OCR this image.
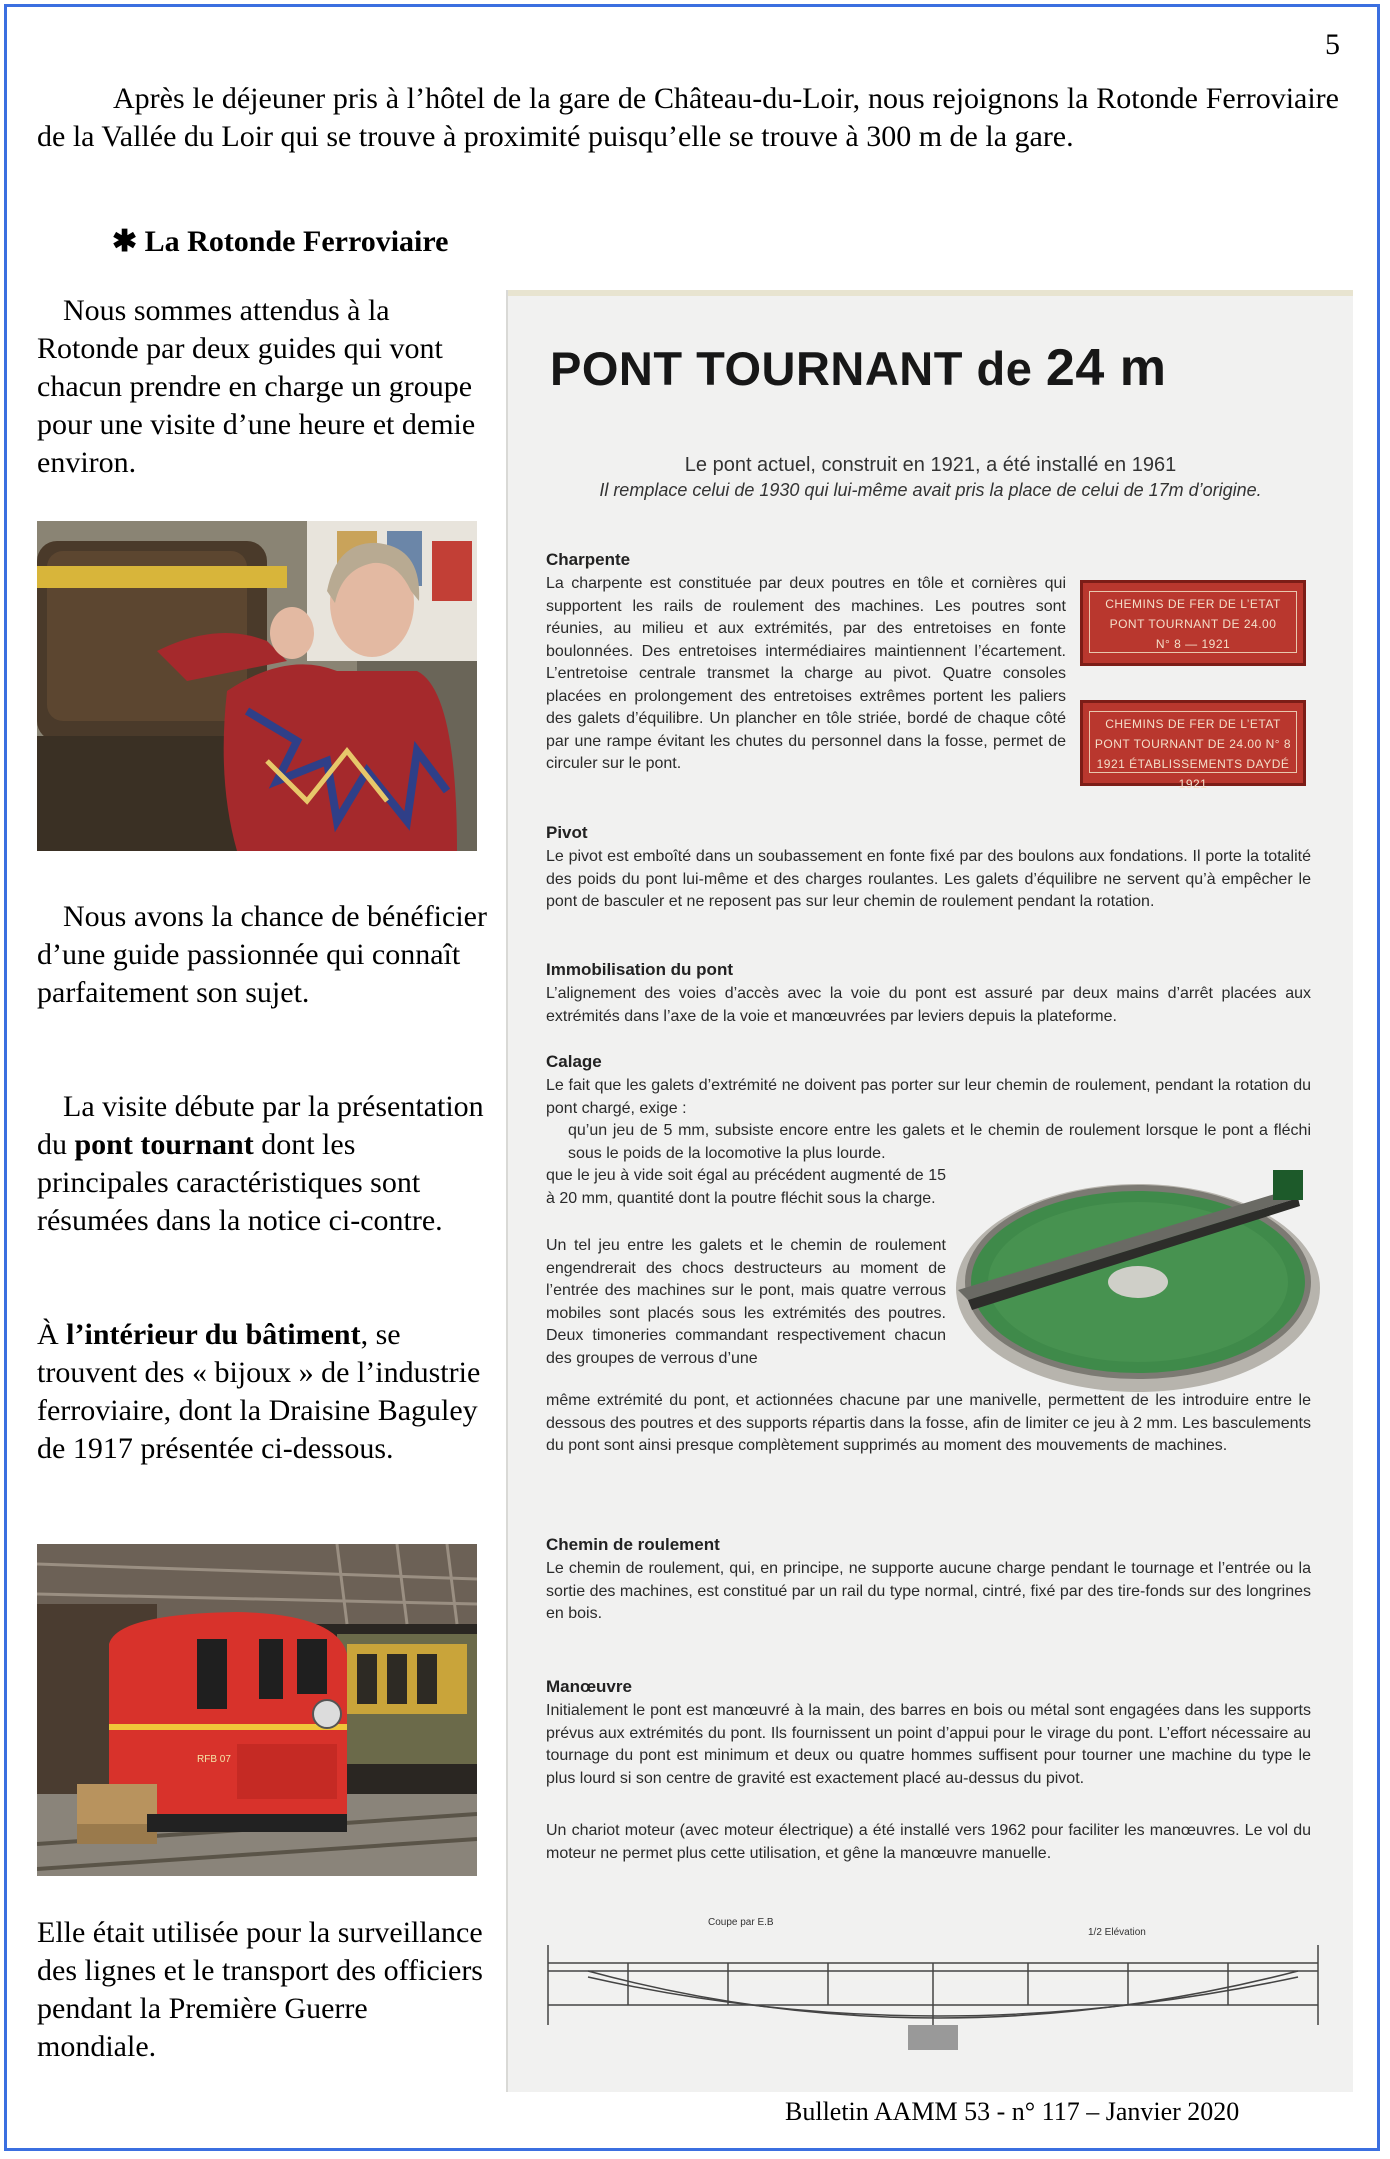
5

Après le déjeuner pris à l’hôtel de la gare de Château-du-Loir, nous rejoignons la Rotonde Ferroviaire de la Vallée du Loir qui se trouve à proximité puisqu’elle se trouve à 300 m de la gare.

✱ La Rotonde Ferroviaire

Nous sommes attendus à la Rotonde par deux guides qui vont chacun prendre en charge un groupe pour une visite d’une heure et demie environ.

Nous avons la chance de bénéficier d’une guide passionnée qui connaît parfaitement son sujet.

La visite débute par la présentation du pont tournant dont les principales caractéristiques sont résumées dans la notice ci-contre.

À l’intérieur du bâtiment, se trouvent des « bijoux » de l’industrie ferroviaire, dont la Draisine Baguley de 1917 présentée ci-dessous.

RFB 07

Elle était utilisée pour la surveillance des lignes et le transport des officiers pendant la Première Guerre mondiale.

PONT TOURNANT de 24 m
Le pont actuel, construit en 1921, a été installé en 1961
Il remplace celui de 1930 qui lui-même avait pris la place de celui de 17m d’origine.
Charpente

La charpente est constituée par deux poutres en tôle et cornières qui supportent les rails de roulement des machines. Les poutres sont réunies, au milieu et aux extrémités, par des entretoises en fonte boulonnées. Des entretoises intermédiaires maintiennent l’écartement. L’entretoise centrale transmet la charge au pivot. Quatre consoles placées en prolongement des entretoises extrêmes portent les paliers des galets d’équilibre. Un plancher en tôle striée, bordé de chaque côté par une rampe évitant les chutes du personnel dans la fosse, permet de circuler sur le pont.

CHEMINS DE FER DE L’ETAT
PONT TOURNANT DE 24.00
N° 8 — 1921
CHEMINS DE FER DE L’ETAT
PONT TOURNANT DE 24.00 N° 8
1921 ÉTABLISSEMENTS DAYDÉ 1921
Pivot

Le pivot est emboîté dans un soubassement en fonte fixé par des boulons aux fondations. Il porte la totalité des poids du pont lui-même et des charges roulantes. Les galets d’équilibre ne servent qu’à empêcher le pont de basculer et ne reposent pas sur leur chemin de roulement pendant la rotation.

Immobilisation du pont

L’alignement des voies d’accès avec la voie du pont est assuré par deux mains d’arrêt placées aux extrémités dans l’axe de la voie et manœuvrées par leviers depuis la plateforme.

Calage

Le fait que les galets d’extrémité ne doivent pas porter sur leur chemin de roulement, pendant la rotation du pont chargé, exige :

qu’un jeu de 5 mm, subsiste encore entre les galets et le chemin de roulement lorsque le pont a fléchi sous le poids de la locomotive la plus lourde.

que le jeu à vide soit égal au précédent augmenté de 15 à 20 mm, quantité dont la poutre fléchit sous la charge.

Un tel jeu entre les galets et le chemin de roulement engendrerait des chocs destructeurs au moment de l’entrée des machines sur le pont, mais quatre verrous mobiles sont placés sous les extrémités des poutres. Deux timoneries commandant respectivement chacun des groupes de verrous d’une

même extrémité du pont, et actionnées chacune par une manivelle, permettent de les introduire entre le dessous des poutres et des supports répartis dans la fosse, afin de limiter ce jeu à 2 mm. Les basculements du pont sont ainsi presque complètement supprimés au moment des mouvements de machines.

Chemin de roulement

Le chemin de roulement, qui, en principe, ne supporte aucune charge pendant le tournage et l’entrée ou la sortie des machines, est constitué par un rail du type normal, cintré, fixé par des tire-fonds sur des longrines en bois.

Manœuvre

Initialement le pont est manœuvré à la main, des barres en bois ou métal sont engagées dans les supports prévus aux extrémités du pont. Ils fournissent un point d’appui pour le virage du pont. L’effort nécessaire au tournage du pont est minimum et deux ou quatre hommes suffisent pour tourner une machine du type le plus lourd si son centre de gravité est exactement placé au-dessus du pivot.

Un chariot moteur (avec moteur électrique) a été installé vers 1962 pour faciliter les manœuvres. Le vol du moteur ne permet plus cette utilisation, et gêne la manœuvre manuelle.

Coupe par E.B
1/2 Elévation
Bulletin AAMM 53 - n° 117 – Janvier 2020
